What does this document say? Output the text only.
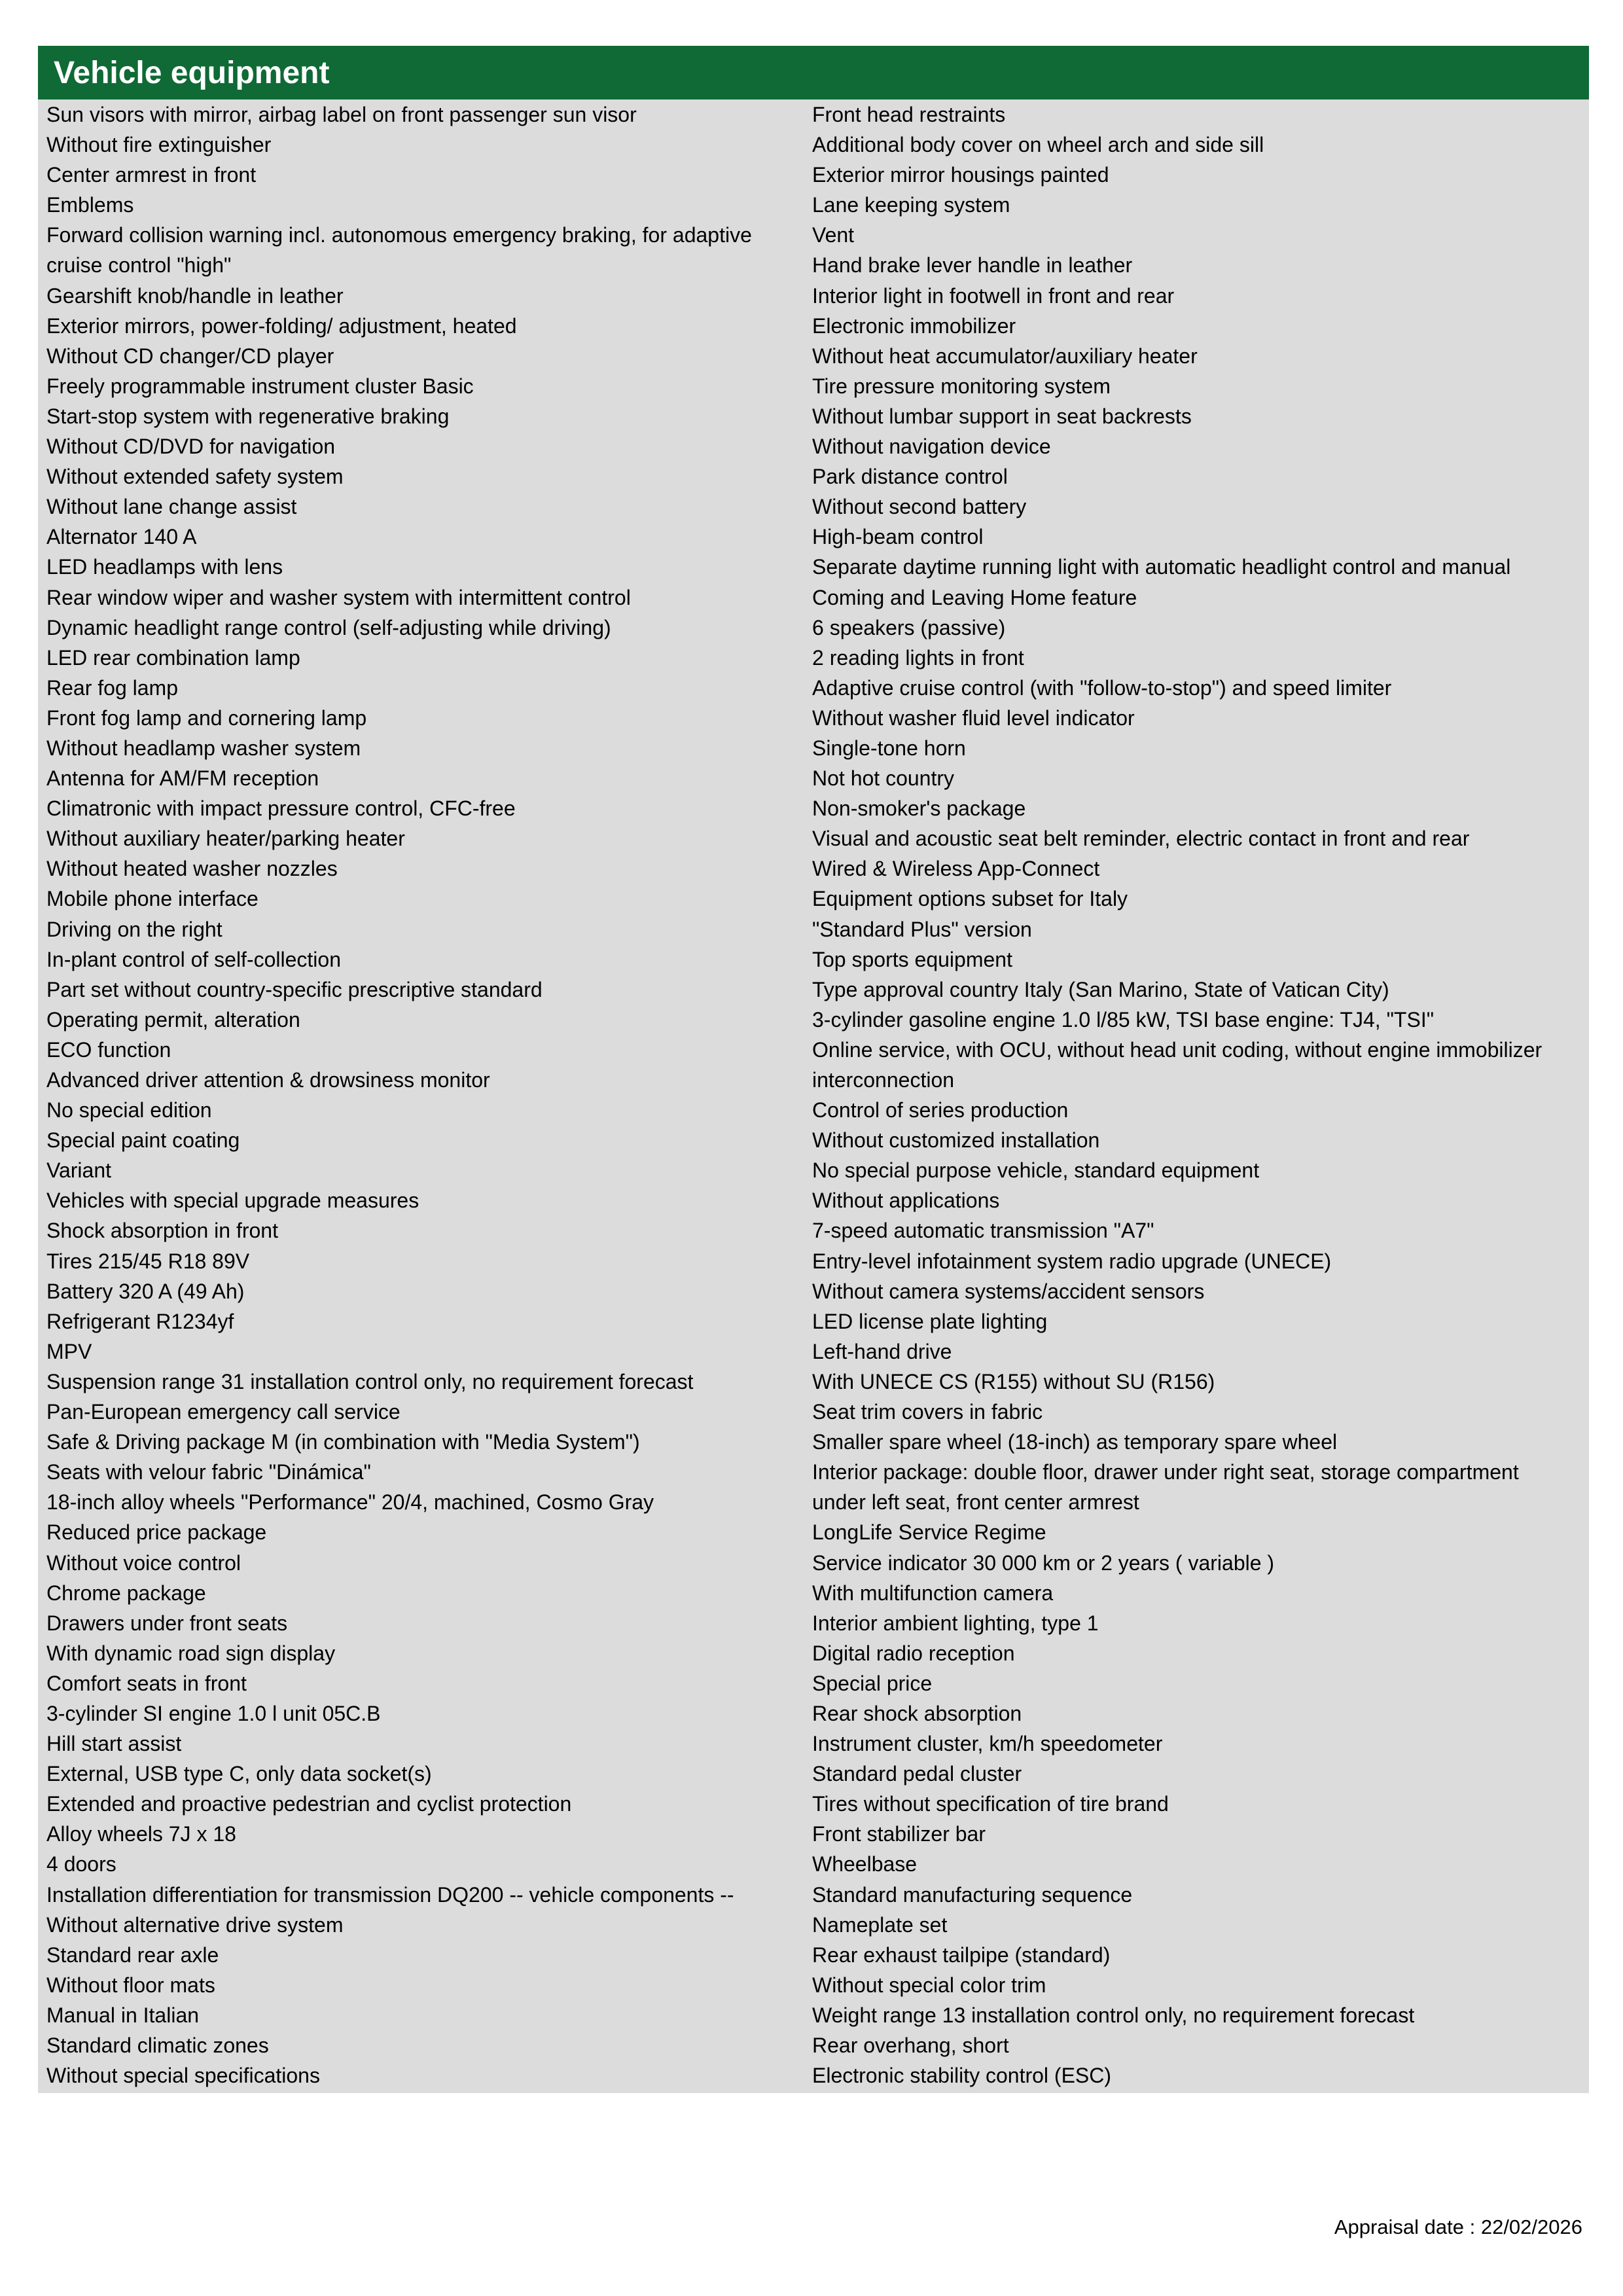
Vehicle equipment
Sun visors with mirror, airbag label on front passenger sun visor
Without fire extinguisher
Center armrest in front
Emblems
Forward collision warning incl. autonomous emergency braking, for adaptive cruise control "high"
Gearshift knob/handle in leather
Exterior mirrors, power-folding/ adjustment, heated
Without CD changer/CD player
Freely programmable instrument cluster Basic
Start-stop system with regenerative braking
Without CD/DVD for navigation
Without extended safety system
Without lane change assist
Alternator 140 A
LED headlamps with lens
Rear window wiper and washer system with intermittent control
Dynamic headlight range control (self-adjusting while driving)
LED rear combination lamp
Rear fog lamp
Front fog lamp and cornering lamp
Without headlamp washer system
Antenna for AM/FM reception
Climatronic with impact pressure control, CFC-free
Without auxiliary heater/parking heater
Without heated washer nozzles
Mobile phone interface
Driving on the right
In-plant control of self-collection
Part set without country-specific prescriptive standard
Operating permit, alteration
ECO function
Advanced driver attention & drowsiness monitor
No special edition
Special paint coating
Variant
Vehicles with special upgrade measures
Shock absorption in front
Tires 215/45 R18 89V
Battery 320 A (49 Ah)
Refrigerant R1234yf
MPV
Suspension range 31 installation control only, no requirement forecast
Pan-European emergency call service
Safe & Driving package M (in combination with "Media System")
Seats with velour fabric "Dinámica"
18-inch alloy wheels "Performance" 20/4, machined, Cosmo Gray
Reduced price package
Without voice control
Chrome package
Drawers under front seats
With dynamic road sign display
Comfort seats in front
3-cylinder SI engine 1.0 l unit 05C.B
Hill start assist
External, USB type C, only data socket(s)
Extended and proactive pedestrian and cyclist protection
Alloy wheels 7J x 18
4 doors
Installation differentiation for transmission DQ200 -- vehicle components --
Without alternative drive system
Standard rear axle
Without floor mats
Manual in Italian
Standard climatic zones
Without special specifications
Front head restraints
Additional body cover on wheel arch and side sill
Exterior mirror housings painted
Lane keeping system
Vent
Hand brake lever handle in leather
Interior light in footwell in front and rear
Electronic immobilizer
Without heat accumulator/auxiliary heater
Tire pressure monitoring system
Without lumbar support in seat backrests
Without navigation device
Park distance control
Without second battery
High-beam control
Separate daytime running light with automatic headlight control and manual
Coming and Leaving Home feature
6 speakers (passive)
2 reading lights in front
Adaptive cruise control (with "follow-to-stop") and speed limiter
Without washer fluid level indicator
Single-tone horn
Not hot country
Non-smoker's package
Visual and acoustic seat belt reminder, electric contact in front and rear
Wired & Wireless App-Connect
Equipment options subset for Italy
"Standard Plus" version
Top sports equipment
Type approval country Italy (San Marino, State of Vatican City)
3-cylinder gasoline engine 1.0 l/85 kW, TSI base engine: TJ4, "TSI"
Online service, with OCU, without head unit coding, without engine immobilizer interconnection
Control of series production
Without customized installation
No special purpose vehicle, standard equipment
Without applications
7-speed automatic transmission "A7"
Entry-level infotainment system radio upgrade (UNECE)
Without camera systems/accident sensors
LED license plate lighting
Left-hand drive
With UNECE CS (R155) without SU (R156)
Seat trim covers in fabric
Smaller spare wheel (18-inch) as temporary spare wheel
Interior package: double floor, drawer under right seat, storage compartment under left seat, front center armrest
LongLife Service Regime
Service indicator 30 000 km or 2 years ( variable )
With multifunction camera
Interior ambient lighting, type 1
Digital radio reception
Special price
Rear shock absorption
Instrument cluster, km/h speedometer
Standard pedal cluster
Tires without specification of tire brand
Front stabilizer bar
Wheelbase
Standard manufacturing sequence
Nameplate set
Rear exhaust tailpipe (standard)
Without special color trim
Weight range 13 installation control only, no requirement forecast
Rear overhang, short
Electronic stability control (ESC)
Appraisal date : 22/02/2026
